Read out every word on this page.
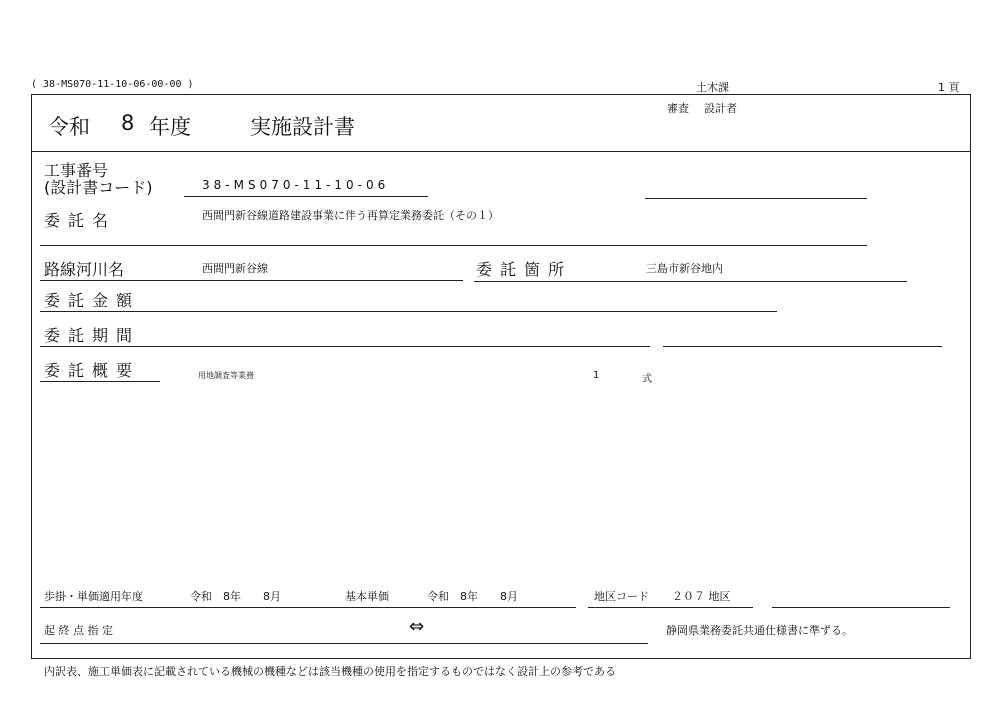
( 38-MS070-11-10-06-00-00 )	土木課	1 頁
令和 8 年度	実施設計書
審査 設計者
工事番号
(設計書コード)	38-MS070-11-10-06
委託名	西間門新谷線道路建設事業に伴う再算定業務委託（その１）
路線河川名	西間門新谷線	委託箇所	三島市新谷地内
委託金額
委託期間
委託概要	用地調査等業務	1	式
歩掛・単価適用年度	令和　8年　　8月	基本単価	令和　8年　　8月	地区コード ２０７ 地区
起 終 点 指 定	⇔	静岡県業務委託共通仕様書に準ずる。
内訳表、施工単価表に記載されている機械の機種などは該当機種の使用を指定するものではなく設計上の参考である
